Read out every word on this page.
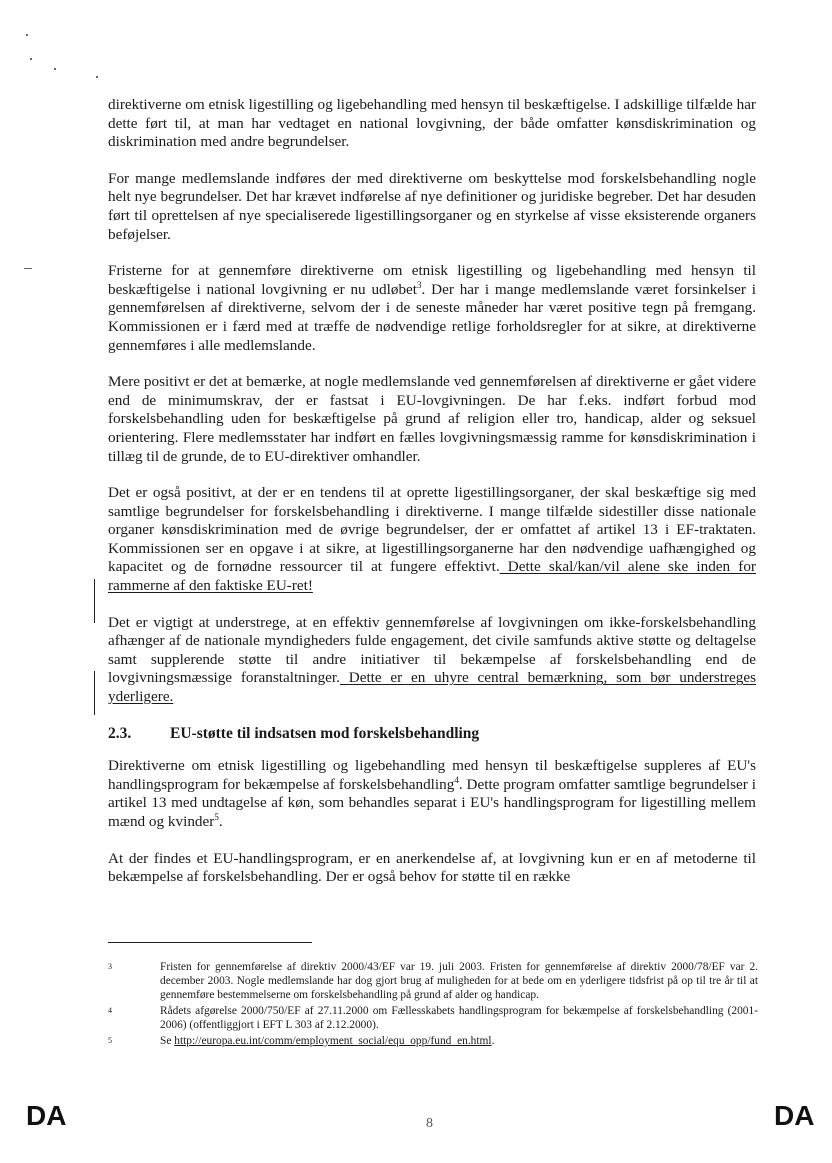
direktiverne om etnisk ligestilling og ligebehandling med hensyn til beskæftigelse. I adskillige tilfælde har dette ført til, at man har vedtaget en national lovgivning, der både omfatter kønsdiskrimination og diskrimination med andre begrundelser.

For mange medlemslande indføres der med direktiverne om beskyttelse mod forskelsbehandling nogle helt nye begrundelser. Det har krævet indførelse af nye definitioner og juridiske begreber. Det har desuden ført til oprettelsen af nye specialiserede ligestillingsorganer og en styrkelse af visse eksisterende organers beføjelser.

Fristerne for at gennemføre direktiverne om etnisk ligestilling og ligebehandling med hensyn til beskæftigelse i national lovgivning er nu udløbet$^3$. Der har i mange medlemslande været forsinkelser i gennemførelsen af direktiverne, selvom der i de seneste måneder har været positive tegn på fremgang. Kommissionen er i færd med at træffe de nødvendige retlige forholdsregler for at sikre, at direktiverne gennemføres i alle medlemslande.

Mere positivt er det at bemærke, at nogle medlemslande ved gennemførelsen af direktiverne er gået videre end de minimumskrav, der er fastsat i EU-lovgivningen. De har f.eks. indført forbud mod forskelsbehandling uden for beskæftigelse på grund af religion eller tro, handicap, alder og seksuel orientering. Flere medlemsstater har indført en fælles lovgivningsmæssig ramme for kønsdiskrimination i tillæg til de grunde, de to EU-direktiver omhandler.

Det er også positivt, at der er en tendens til at oprette ligestillingsorganer, der skal beskæftige sig med samtlige begrundelser for forskelsbehandling i direktiverne. I mange tilfælde sidestiller disse nationale organer kønsdiskrimination med de øvrige begrundelser, der er omfattet af artikel 13 i EF-traktaten. Kommissionen ser en opgave i at sikre, at ligestillingsorganerne har den nødvendige uafhængighed og kapacitet og de fornødne ressourcer til at fungere effektivt. Dette skal/kan/vil alene ske inden for rammerne af den faktiske EU-ret!

Det er vigtigt at understrege, at en effektiv gennemførelse af lovgivningen om ikke-forskelsbehandling afhænger af de nationale myndigheders fulde engagement, det civile samfunds aktive støtte og deltagelse samt supplerende støtte til andre initiativer til bekæmpelse af forskelsbehandling end de lovgivningsmæssige foranstaltninger. Dette er en uhyre central bemærkning, som bør understreges yderligere.

2.3.	EU-støtte til indsatsen mod forskelsbehandling

Direktiverne om etnisk ligestilling og ligebehandling med hensyn til beskæftigelse suppleres af EU's handlingsprogram for bekæmpelse af forskelsbehandling$^4$. Dette program omfatter samtlige begrundelser i artikel 13 med undtagelse af køn, som behandles separat i EU's handlingsprogram for ligestilling mellem mænd og kvinder$^5$.

At der findes et EU-handlingsprogram, er en anerkendelse af, at lovgivning kun er en af metoderne til bekæmpelse af forskelsbehandling. Der er også behov for støtte til en række

3	Fristen for gennemførelse af direktiv 2000/43/EF var 19. juli 2003. Fristen for gennemførelse af direktiv 2000/78/EF var 2. december 2003. Nogle medlemslande har dog gjort brug af muligheden for at bede om en yderligere tidsfrist på op til tre år til at gennemføre bestemmelserne om forskelsbehandling på grund af alder og handicap.
4	Rådets afgørelse 2000/750/EF af 27.11.2000 om Fællesskabets handlingsprogram for bekæmpelse af forskelsbehandling (2001-2006) (offentliggjort i EFT L 303 af 2.12.2000).
5	Se http://europa.eu.int/comm/employment_social/equ_opp/fund_en.html.
DA	8	DA
